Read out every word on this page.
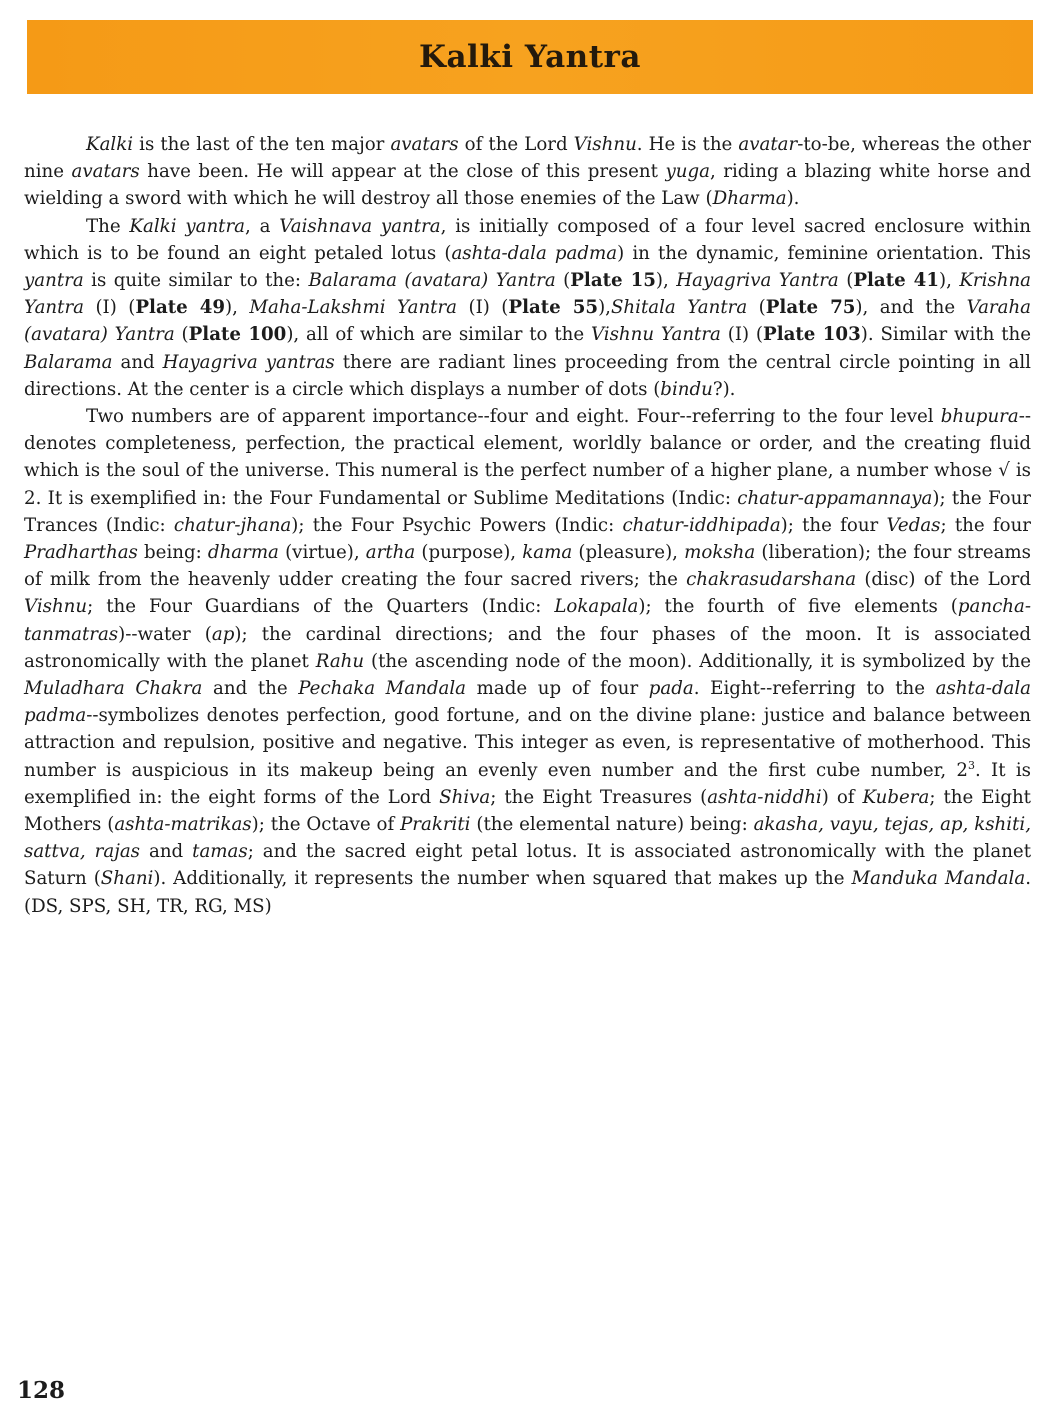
Kalki Yantra

Kalki is the last of the ten major avatars of the Lord Vishnu. He is the avatar-to-be, whereas the other nine avatars have been. He will appear at the close of this present yuga, riding a blazing white horse and wielding a sword with which he will destroy all those enemies of the Law (Dharma).

The Kalki yantra, a Vaishnava yantra, is initially composed of a four level sacred enclosure within which is to be found an eight petaled lotus (ashta-dala padma) in the dynamic, feminine orientation. This yantra is quite similar to the: Balarama (avatara) Yantra (Plate 15), Hayagriva Yantra (Plate 41), Krishna Yantra (I) (Plate 49), Maha-Lakshmi Yantra (I) (Plate 55),Shitala Yantra (Plate 75), and the Varaha (avatara) Yantra (Plate 100), all of which are similar to the Vishnu Yantra (I) (Plate 103). Similar with the Balarama and Hayagriva yantras there are radiant lines proceeding from the central circle pointing in all directions. At the center is a circle which displays a number of dots (bindu?).

Two numbers are of apparent importance--four and eight. Four--referring to the four level bhupura--denotes completeness, perfection, the practical element, worldly balance or order, and the creating fluid which is the soul of the universe. This numeral is the perfect number of a higher plane, a number whose √ is 2. It is exemplified in: the Four Fundamental or Sublime Meditations (Indic: chatur-appamannaya); the Four Trances (Indic: chatur-jhana); the Four Psychic Powers (Indic: chatur-iddhipada); the four Vedas; the four Pradharthas being: dharma (virtue), artha (purpose), kama (pleasure), moksha (liberation); the four streams of milk from the heavenly udder creating the four sacred rivers; the chakrasudarshana (disc) of the Lord Vishnu; the Four Guardians of the Quarters (Indic: Lokapala); the fourth of five elements (pancha-tanmatras)--water (ap); the cardinal directions; and the four phases of the moon. It is associated astronomically with the planet Rahu (the ascending node of the moon). Additionally, it is symbolized by the Muladhara Chakra and the Pechaka Mandala made up of four pada. Eight--referring to the ashta-dala padma--symbolizes denotes perfection, good fortune, and on the divine plane: justice and balance between attraction and repulsion, positive and negative. This integer as even, is representative of motherhood. This number is auspicious in its makeup being an evenly even number and the first cube number, $2^3$. It is exemplified in: the eight forms of the Lord Shiva; the Eight Treasures (ashta-niddhi) of Kubera; the Eight Mothers (ashta-matrikas); the Octave of Prakriti (the elemental nature) being: akasha, vayu, tejas, ap, kshiti, sattva, rajas and tamas; and the sacred eight petal lotus. It is associated astronomically with the planet Saturn (Shani). Additionally, it represents the number when squared that makes up the Manduka Mandala. (DS, SPS, SH, TR, RG, MS)

128
